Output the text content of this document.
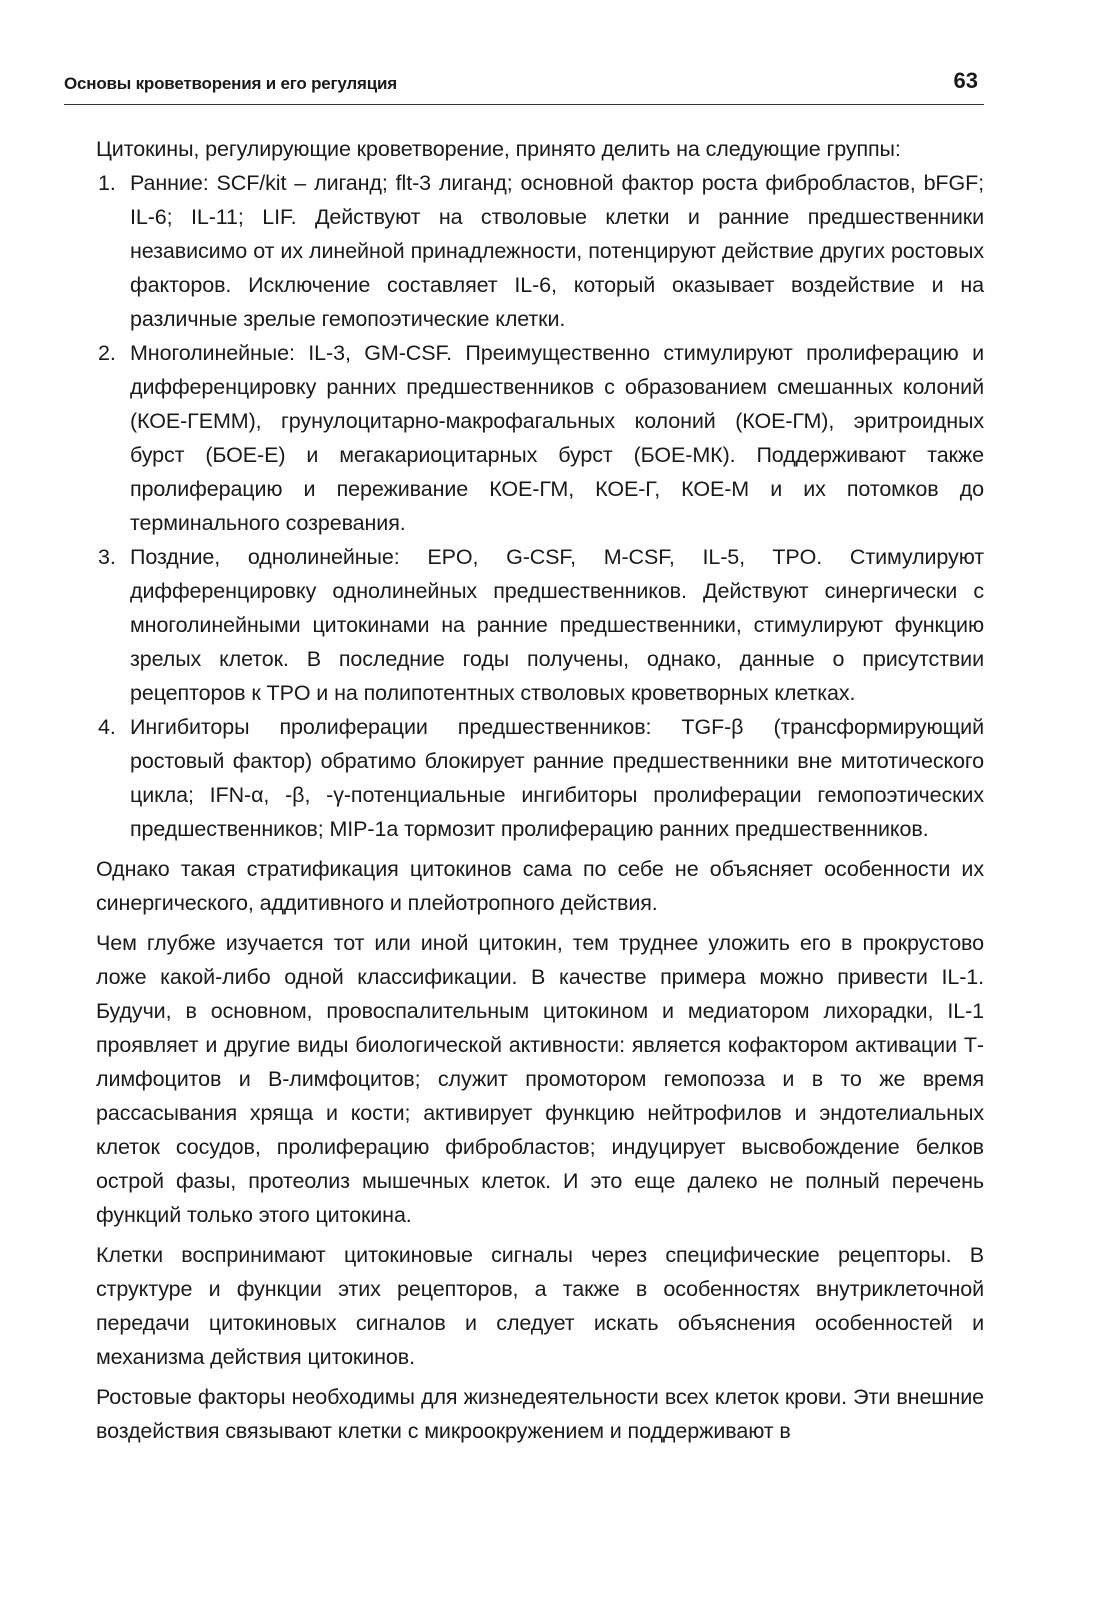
Основы кроветворения и его регуляция	63

Цитокины, регулирующие кроветворение, принято делить на следующие группы:

1. Ранние: SCF/kit – лиганд; flt-3 лиганд; основной фактор роста фибробластов, bFGF; IL-6; IL-11; LIF. Действуют на стволовые клетки и ранние предшественники независимо от их линейной принадлежности, потенцируют действие других ростовых факторов. Исключение составляет IL-6, который оказывает воздействие и на различные зрелые гемопоэтические клетки.
2. Многолинейные: IL-3, GM-CSF. Преимущественно стимулируют пролиферацию и дифференцировку ранних предшественников с образованием смешанных колоний (КОЕ-ГЕММ), грунулоцитарно-макрофагальных колоний (КОЕ-ГМ), эритроидных бурст (БОЕ-Е) и мегакариоцитарных бурст (БОЕ-МК). Поддерживают также пролиферацию и переживание КОЕ-ГМ, КОЕ-Г, КОЕ-М и их потомков до терминального созревания.
3. Поздние, однолинейные: EPO, G-CSF, M-CSF, IL-5, TPO. Стимулируют дифференцировку однолинейных предшественников. Действуют синергически с многолинейными цитокинами на ранние предшественники, стимулируют функцию зрелых клеток. В последние годы получены, однако, данные о присутствии рецепторов к TPO и на полипотентных стволовых кроветворных клетках.
4. Ингибиторы пролиферации предшественников: TGF-β (трансформирующий ростовый фактор) обратимо блокирует ранние предшественники вне митотического цикла; IFN-α, -β, -γ-потенциальные ингибиторы пролиферации гемопоэтических предшественников; MIP-1a тормозит пролиферацию ранних предшественников.

Однако такая стратификация цитокинов сама по себе не объясняет особенности их синергического, аддитивного и плейотропного действия.

Чем глубже изучается тот или иной цитокин, тем труднее уложить его в прокрустово ложе какой-либо одной классификации. В качестве примера можно привести IL-1. Будучи, в основном, провоспалительным цитокином и медиатором лихорадки, IL-1 проявляет и другие виды биологической активности: является кофактором активации Т-лимфоцитов и В-лимфоцитов; служит промотором гемопоэза и в то же время рассасывания хряща и кости; активирует функцию нейтрофилов и эндотелиальных клеток сосудов, пролиферацию фибробластов; индуцирует высвобождение белков острой фазы, протеолиз мышечных клеток. И это еще далеко не полный перечень функций только этого цитокина.

Клетки воспринимают цитокиновые сигналы через специфические рецепторы. В структуре и функции этих рецепторов, а также в особенностях внутриклеточной передачи цитокиновых сигналов и следует искать объяснения особенностей и механизма действия цитокинов.

Ростовые факторы необходимы для жизнедеятельности всех клеток крови. Эти внешние воздействия связывают клетки с микроокружением и поддерживают в
